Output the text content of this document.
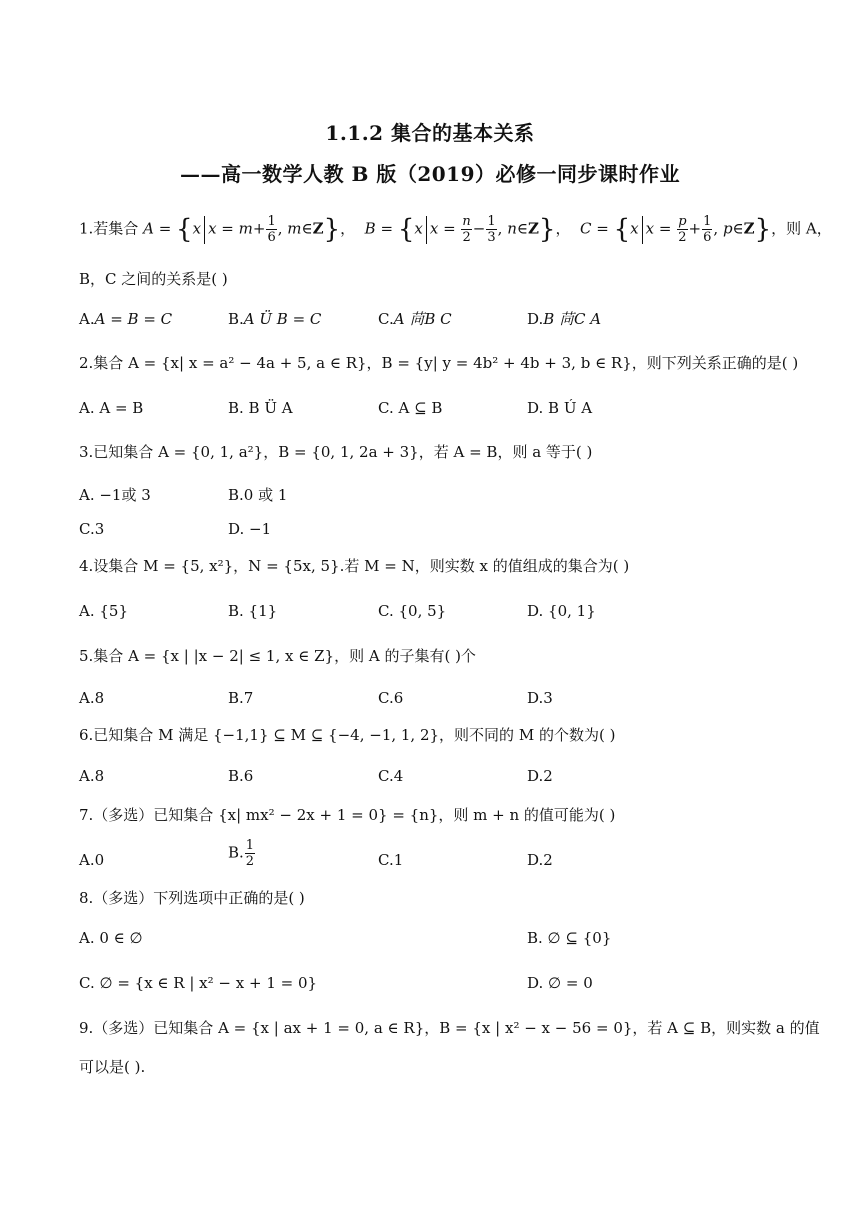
1.1.2 集合的基本关系
——高一数学人教 B 版（2019）必修一同步课时作业
1.若集合 A = {x $x = m+ \frac{1}{6}$ , m∈Z}，  B = {x $x = \frac{n}{2} - \frac{1}{3}$ , n∈Z}，  C = {x $x = \frac{p}{2} + \frac{1}{6}$ , p∈Z}，则 A，
B，C 之间的关系是( )
A.A = B = C	B.A Ü B = C	C.A 苘B C	D.B 苘C A
2.集合 A = {x| x = a² − 4a + 5, a ∈ R}，B = {y| y = 4b² + 4b + 3, b ∈ R}，则下列关系正确的是( )
A. A = B	B. B Ü A	C. A ⊆ B	D. B Ú A
3.已知集合 A = {0, 1, a²}，B = {0, 1, 2a + 3}，若 A = B，则 a 等于( )
A. −1或 3	B.0 或 1
C.3	D. −1
4.设集合 M = {5, x²}，N = {5x, 5}.若 M = N，则实数 x 的值组成的集合为( )
A. {5}	B. {1}	C. {0, 5}	D. {0, 1}
5.集合 A = {x | |x − 2| ≤ 1, x ∈ Z}，则 A 的子集有( )个
A.8	B.7	C.6	D.3
6.已知集合 M 满足 {−1,1} ⊆ M ⊆ {−4, −1, 1, 2}，则不同的 M 的个数为( )
A.8	B.6	C.4	D.2
7.（多选）已知集合 {x| mx² − 2x + 1 = 0} = {n}，则 m + n 的值可能为( )
A.0	B. $\frac{1}{2}$	C.1	D.2
8.（多选）下列选项中正确的是( )
A. 0 ∈ ∅	B. ∅ ⊆ {0}
C. ∅ = {x ∈ R | x² − x + 1 = 0}	D. ∅ = 0
9.（多选）已知集合 A = {x | ax + 1 = 0, a ∈ R}，B = {x | x² − x − 56 = 0}，若 A ⊆ B，则实数 a 的值
可以是( ).
